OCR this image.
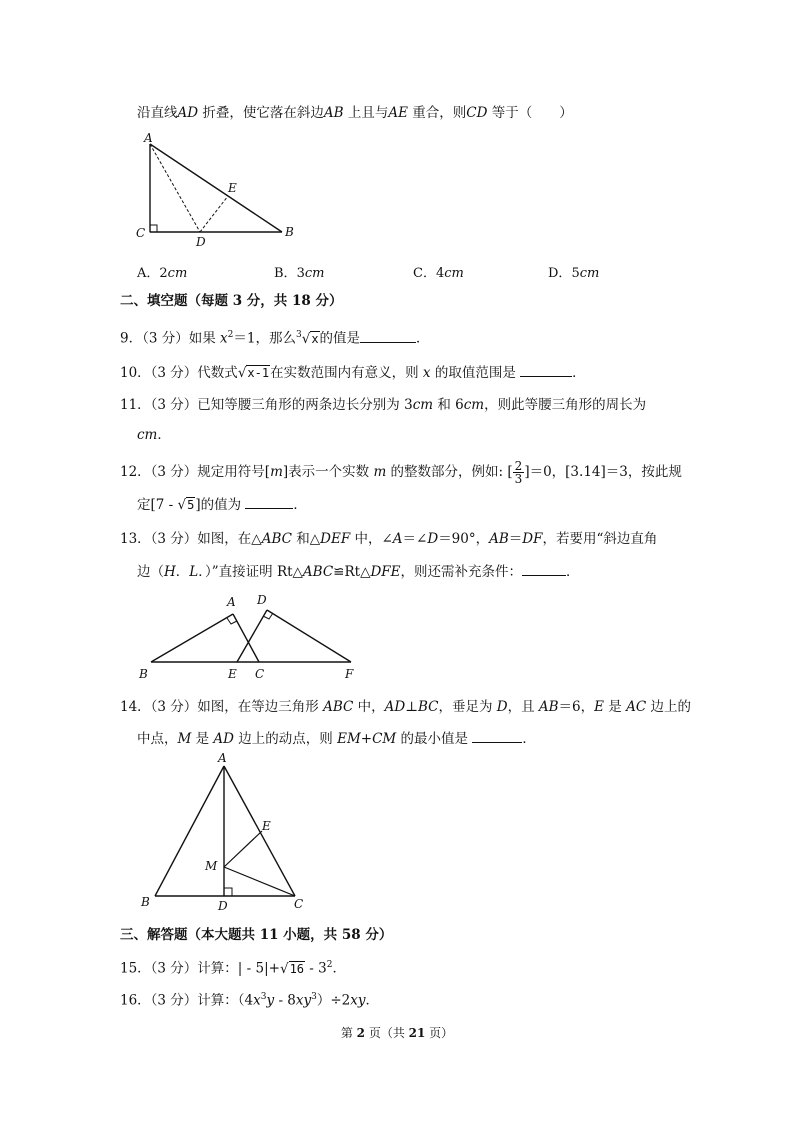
沿直线AD 折叠，使它落在斜边AB 上且与AE 重合，则CD 等于（　　）
A
C
D
E
B
A．2cm	B．3cm	C．4cm	D．5cm
二、填空题（每题 3 分，共 18 分）
9．（3 分）如果 $x^2=1$，那么$^3$√x的值是	．
10．（3 分）代数式√x-1在实数范围内有意义，则 x 的取值范围是	．
11．（3 分）已知等腰三角形的两条边长分别为 3cm 和 6cm，则此等腰三角形的周长为
cm．
12．（3 分）规定用符号[m]表示一个实数 m 的整数部分，例如: [ $\frac{2}{3} ]=0$，[3.14]＝3，按此规
定[7 - √5]的值为	．
13．（3 分）如图，在△ABC 和△DEF 中，∠A＝∠D＝90°，AB＝DF，若要用“斜边直角
边（H．L．）”直接证明 Rt△ABC≌Rt△DFE，则还需补充条件：	．
A D
B	E C	F
14．（3 分）如图，在等边三角形 ABC 中，AD⊥BC，垂足为 D，且 AB＝6，E 是 AC 边上的
中点，M 是 AD 边上的动点，则 EM+CM 的最小值是	．
A
E
M
B	D	C
三、解答题（本大题共 11 小题，共 58 分）
15．（3 分）计算：| - $5|+√16 - 3^2$．
16．（3 分）计算：$(4x^3y - 8xy^3)\div 2xy$．
第 2 页（共 21 页）
